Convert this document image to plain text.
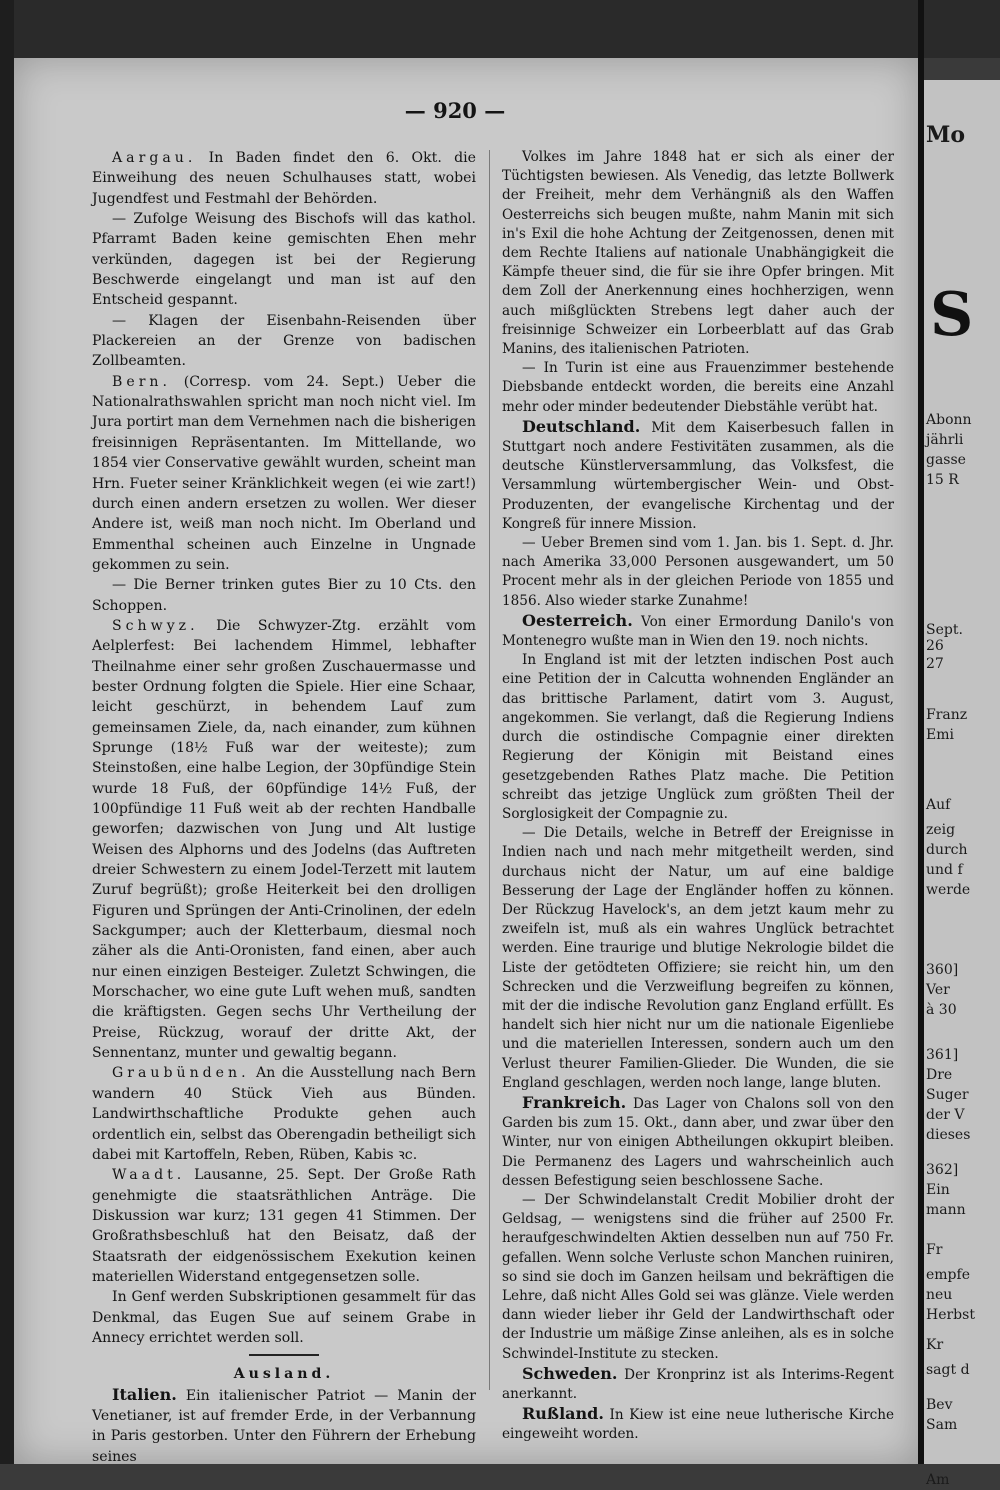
— 920 —

Aargau. In Baden findet den 6. Okt. die Einweihung des neuen Schulhauses statt, wobei Jugendfest und Festmahl der Behörden.

— Zufolge Weisung des Bischofs will das kathol. Pfarramt Baden keine gemischten Ehen mehr verkünden, dagegen ist bei der Regierung Beschwerde eingelangt und man ist auf den Entscheid gespannt.

— Klagen der Eisenbahn-Reisenden über Plackereien an der Grenze von badischen Zollbeamten.

Bern. (Corresp. vom 24. Sept.) Ueber die Nationalrathswahlen spricht man noch nicht viel. Im Jura portirt man dem Vernehmen nach die bisherigen freisinnigen Repräsentanten. Im Mittellande, wo 1854 vier Conservative gewählt wurden, scheint man Hrn. Fueter seiner Kränklichkeit wegen (ei wie zart!) durch einen andern ersetzen zu wollen. Wer dieser Andere ist, weiß man noch nicht. Im Oberland und Emmenthal scheinen auch Einzelne in Ungnade gekommen zu sein.

— Die Berner trinken gutes Bier zu 10 Cts. den Schoppen.

Schwyz. Die Schwyzer-Ztg. erzählt vom Aelplerfest: Bei lachendem Himmel, lebhafter Theilnahme einer sehr großen Zuschauermasse und bester Ordnung folgten die Spiele. Hier eine Schaar, leicht geschürzt, in behendem Lauf zum gemeinsamen Ziele, da, nach einander, zum kühnen Sprunge (18½ Fuß war der weiteste); zum Steinstoßen, eine halbe Legion, der 30pfündige Stein wurde 18 Fuß, der 60pfündige 14½ Fuß, der 100pfündige 11 Fuß weit ab der rechten Handballe geworfen; dazwischen von Jung und Alt lustige Weisen des Alphorns und des Jodelns (das Auftreten dreier Schwestern zu einem Jodel-Terzett mit lautem Zuruf begrüßt); große Heiterkeit bei den drolligen Figuren und Sprüngen der Anti-Crinolinen, der edeln Sackgumper; auch der Kletterbaum, diesmal noch zäher als die Anti-Oronisten, fand einen, aber auch nur einen einzigen Besteiger. Zuletzt Schwingen, die Morschacher, wo eine gute Luft wehen muß, sandten die kräftigsten. Gegen sechs Uhr Vertheilung der Preise, Rückzug, worauf der dritte Akt, der Sennentanz, munter und gewaltig begann.

Graubünden. An die Ausstellung nach Bern wandern 40 Stück Vieh aus Bünden. Landwirthschaftliche Produkte gehen auch ordentlich ein, selbst das Oberengadin betheiligt sich dabei mit Kartoffeln, Reben, Rüben, Kabis ꝛc.

Waadt. Lausanne, 25. Sept. Der Große Rath genehmigte die staatsräthlichen Anträge. Die Diskussion war kurz; 131 gegen 41 Stimmen. Der Großrathsbeschluß hat den Beisatz, daß der Staatsrath der eidgenössischem Exekution keinen materiellen Widerstand entgegensetzen solle.

In Genf werden Subskriptionen gesammelt für das Denkmal, das Eugen Sue auf seinem Grabe in Annecy errichtet werden soll.

Ausland.

Italien. Ein italienischer Patriot — Manin der Venetianer, ist auf fremder Erde, in der Verbannung in Paris gestorben. Unter den Führern der Erhebung seines

Volkes im Jahre 1848 hat er sich als einer der Tüchtigsten bewiesen. Als Venedig, das letzte Bollwerk der Freiheit, mehr dem Verhängniß als den Waffen Oesterreichs sich beugen mußte, nahm Manin mit sich in's Exil die hohe Achtung der Zeitgenossen, denen mit dem Rechte Italiens auf nationale Unabhängigkeit die Kämpfe theuer sind, die für sie ihre Opfer bringen. Mit dem Zoll der Anerkennung eines hochherzigen, wenn auch mißglückten Strebens legt daher auch der freisinnige Schweizer ein Lorbeerblatt auf das Grab Manins, des italienischen Patrioten.

— In Turin ist eine aus Frauenzimmer bestehende Diebsbande entdeckt worden, die bereits eine Anzahl mehr oder minder bedeutender Diebstähle verübt hat.

Deutschland. Mit dem Kaiserbesuch fallen in Stuttgart noch andere Festivitäten zusammen, als die deutsche Künstlerversammlung, das Volksfest, die Versammlung würtembergischer Wein- und Obst-Produzenten, der evangelische Kirchentag und der Kongreß für innere Mission.

— Ueber Bremen sind vom 1. Jan. bis 1. Sept. d. Jhr. nach Amerika 33,000 Personen ausgewandert, um 50 Procent mehr als in der gleichen Periode von 1855 und 1856. Also wieder starke Zunahme!

Oesterreich. Von einer Ermordung Danilo's von Montenegro wußte man in Wien den 19. noch nichts.

In England ist mit der letzten indischen Post auch eine Petition der in Calcutta wohnenden Engländer an das brittische Parlament, datirt vom 3. August, angekommen. Sie verlangt, daß die Regierung Indiens durch die ostindische Compagnie einer direkten Regierung der Königin mit Beistand eines gesetzgebenden Rathes Platz mache. Die Petition schreibt das jetzige Unglück zum größten Theil der Sorglosigkeit der Compagnie zu.

— Die Details, welche in Betreff der Ereignisse in Indien nach und nach mehr mitgetheilt werden, sind durchaus nicht der Natur, um auf eine baldige Besserung der Lage der Engländer hoffen zu können. Der Rückzug Havelock's, an dem jetzt kaum mehr zu zweifeln ist, muß als ein wahres Unglück betrachtet werden. Eine traurige und blutige Nekrologie bildet die Liste der getödteten Offiziere; sie reicht hin, um den Schrecken und die Verzweiflung begreifen zu können, mit der die indische Revolution ganz England erfüllt. Es handelt sich hier nicht nur um die nationale Eigenliebe und die materiellen Interessen, sondern auch um den Verlust theurer Familien-Glieder. Die Wunden, die sie England geschlagen, werden noch lange, lange bluten.

Frankreich. Das Lager von Chalons soll von den Garden bis zum 15. Okt., dann aber, und zwar über den Winter, nur von einigen Abtheilungen okkupirt bleiben. Die Permanenz des Lagers und wahrscheinlich auch dessen Befestigung seien beschlossene Sache.

— Der Schwindelanstalt Credit Mobilier droht der Geldsag, — wenigstens sind die früher auf 2500 Fr. heraufgeschwindelten Aktien desselben nun auf 750 Fr. gefallen. Wenn solche Verluste schon Manchen ruiniren, so sind sie doch im Ganzen heilsam und bekräftigen die Lehre, daß nicht Alles Gold sei was glänze. Viele werden dann wieder lieber ihr Geld der Landwirthschaft oder der Industrie um mäßige Zinse anleihen, als es in solche Schwindel-Institute zu stecken.

Schweden. Der Kronprinz ist als Interims-Regent anerkannt.

Rußland. In Kiew ist eine neue lutherische Kirche eingeweiht worden.

Mo
S
Abonn
jährli
gasse
15 R
Sept.
26
27
Franz
Emi
Auf
zeig
durch
und f
werde
360]
Ver
à 30
361]
Dre
Suger
der V
dieses
362]
Ein
mann
Fr
empfe
neu
Herbst
Kr
sagt d
Bev
Sam
Am
